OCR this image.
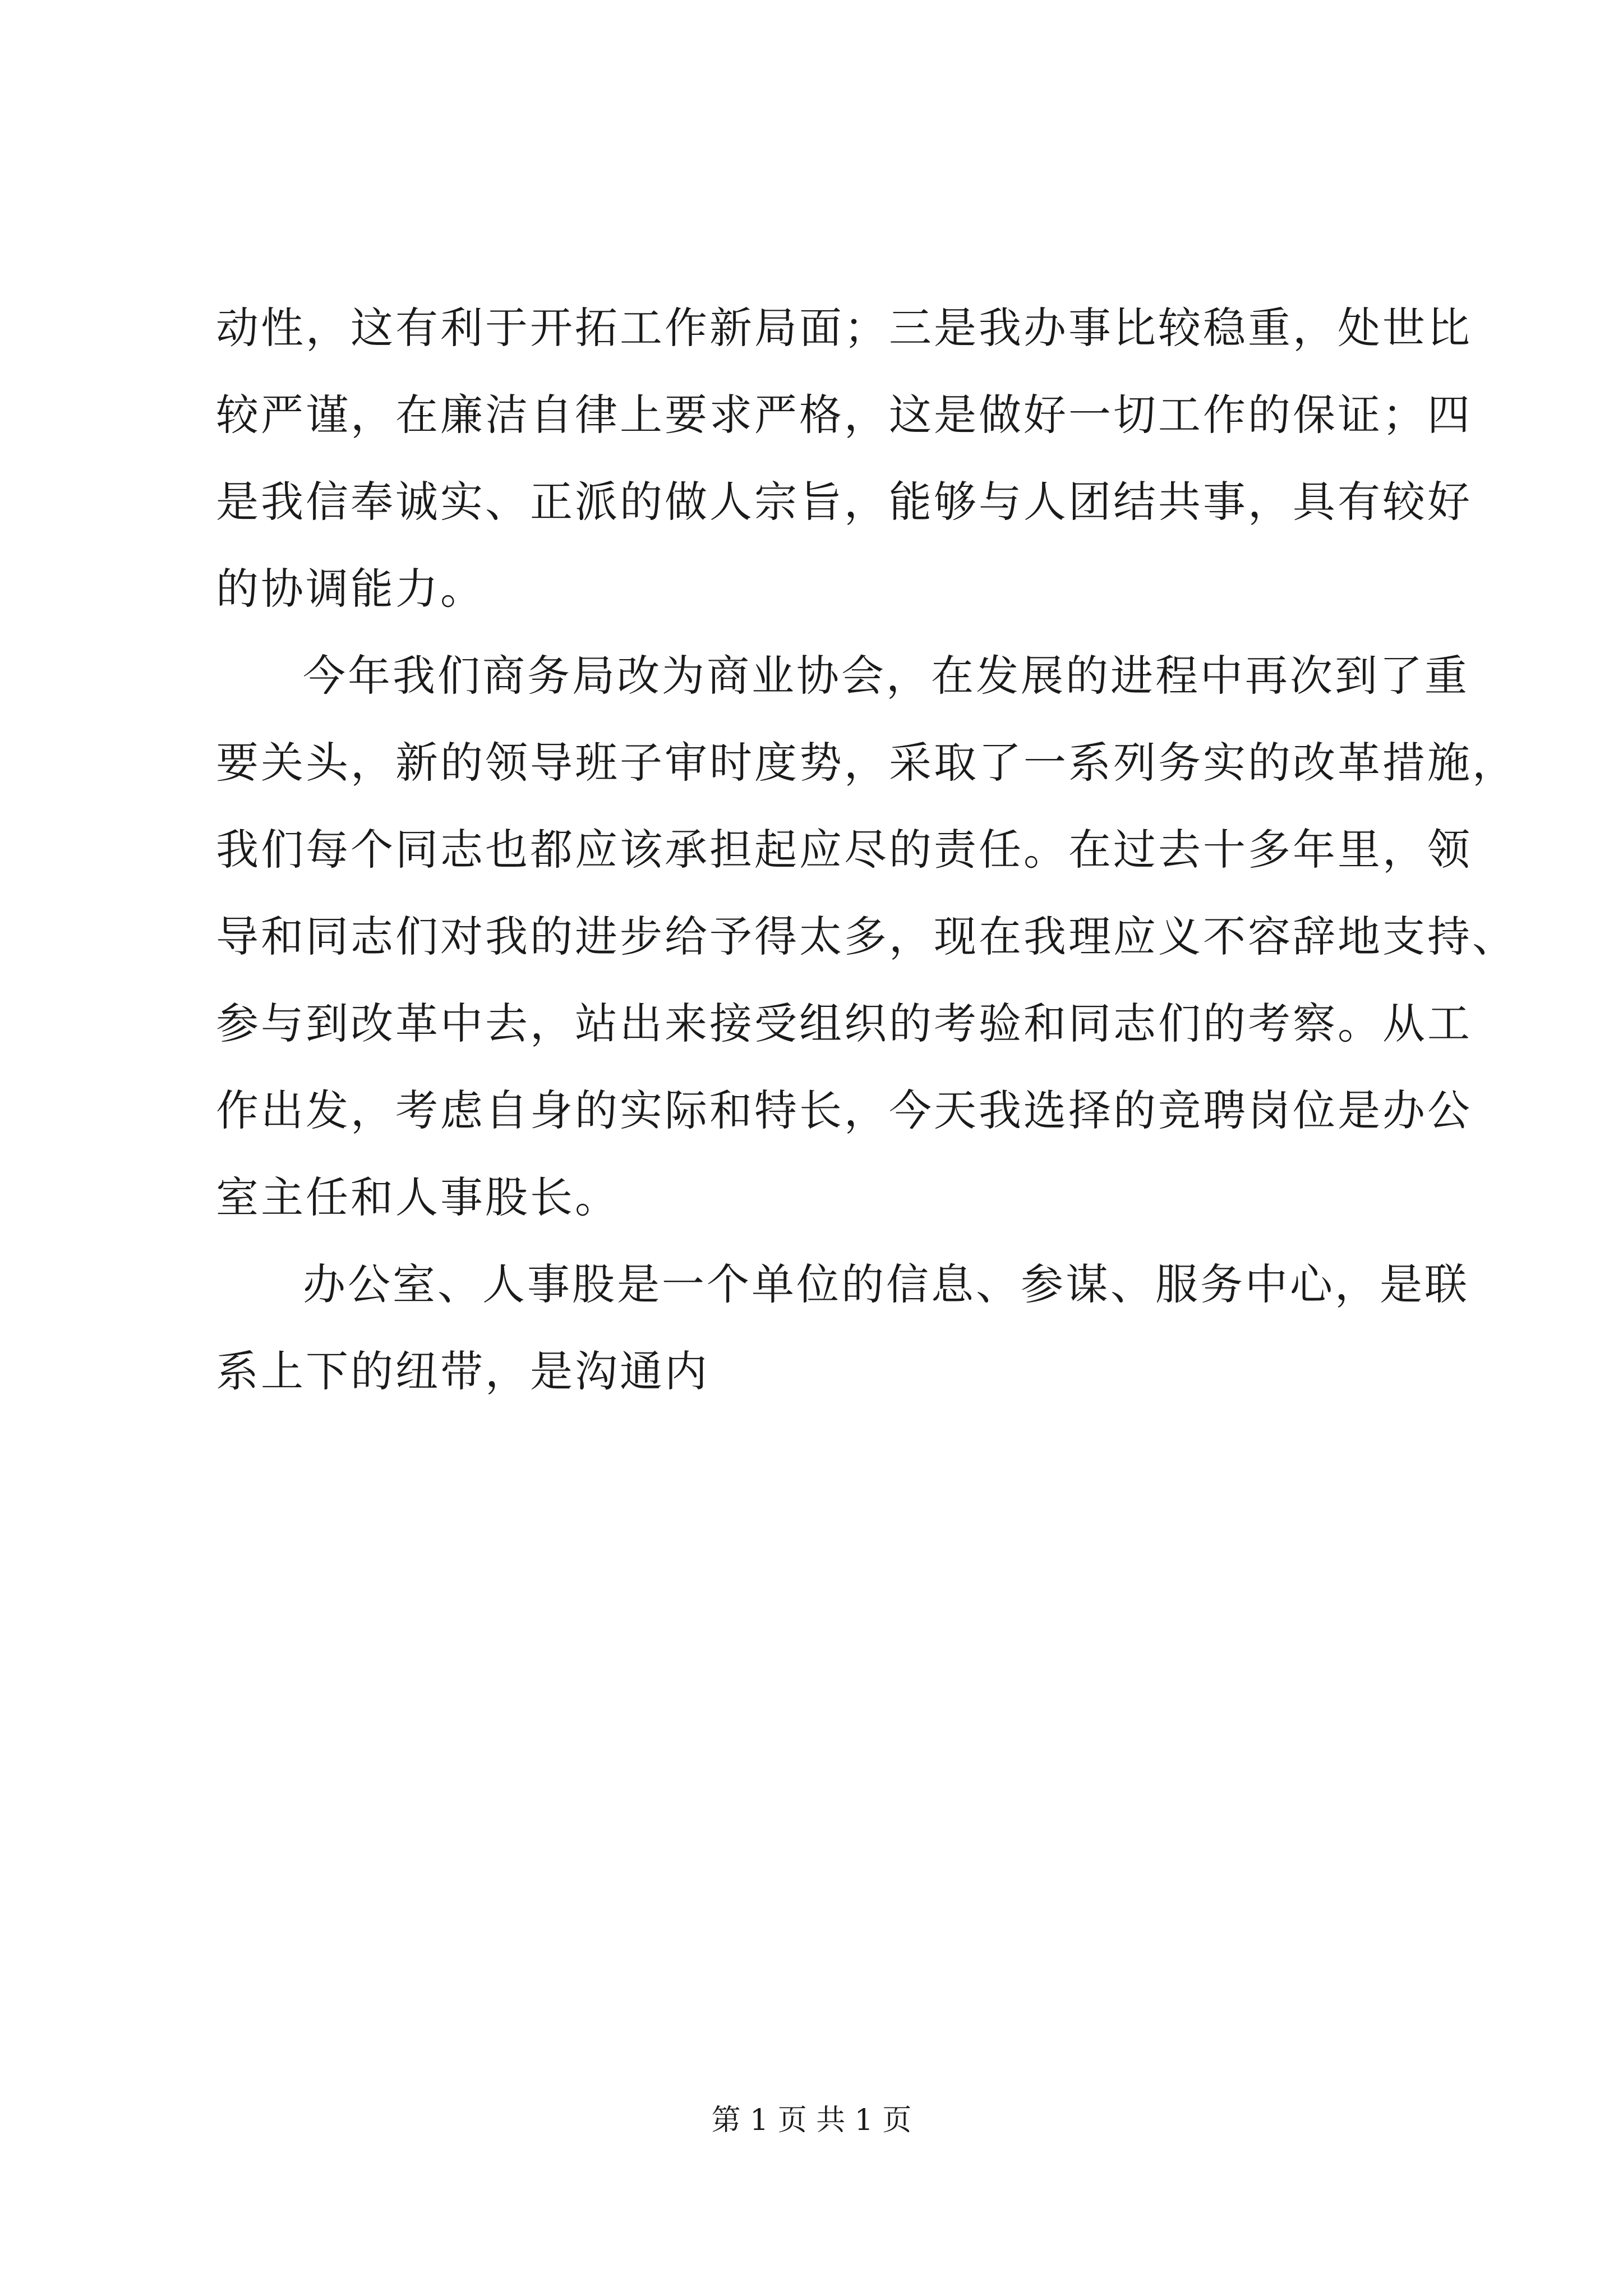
动性，这有利于开拓工作新局面；三是我办事比较稳重，处世比
较严谨，在廉洁自律上要求严格，这是做好一切工作的保证；四
是我信奉诚实、正派的做人宗旨，能够与人团结共事，具有较好
的协调能力。
今年我们商务局改为商业协会，在发展的进程中再次到了重
要关头，新的领导班子审时度势，采取了一系列务实的改革措施，
我们每个同志也都应该承担起应尽的责任。在过去十多年里，领
导和同志们对我的进步给予得太多，现在我理应义不容辞地支持、
参与到改革中去，站出来接受组织的考验和同志们的考察。从工
作出发，考虑自身的实际和特长，今天我选择的竞聘岗位是办公
室主任和人事股长。
办公室、人事股是一个单位的信息、参谋、服务中心，是联
系上下的纽带，是沟通内
第 1 页 共 1 页
